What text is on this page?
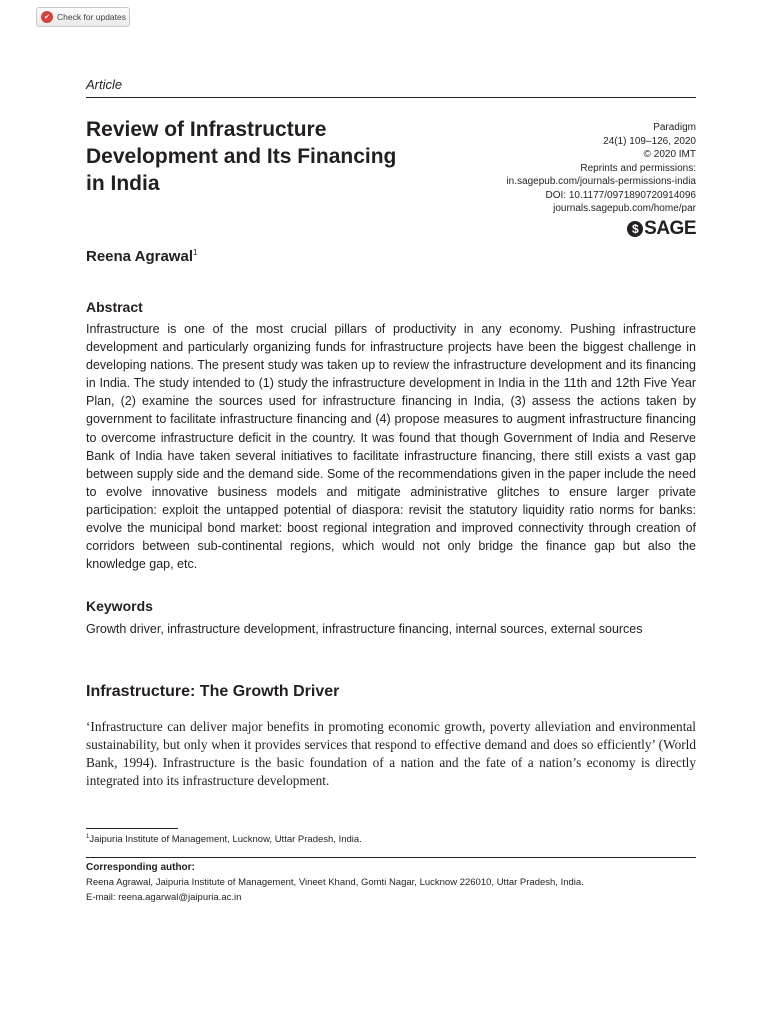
✔ Check for updates
Article
Review of Infrastructure Development and Its Financing in India
Paradigm
24(1) 109–126, 2020
© 2020 IMT
Reprints and permissions:
in.sagepub.com/journals-permissions-india
DOI: 10.1177/0971890720914096
journals.sagepub.com/home/par
$ SAGE
Reena Agrawal$^1$
Abstract
Infrastructure is one of the most crucial pillars of productivity in any economy. Pushing infrastructure development and particularly organizing funds for infrastructure projects have been the biggest challenge in developing nations. The present study was taken up to review the infrastructure development and its financing in India. The study intended to (1) study the infrastructure development in India in the 11th and 12th Five Year Plan, (2) examine the sources used for infrastructure financing in India, (3) assess the actions taken by government to facilitate infrastructure financing and (4) propose measures to augment infrastructure financing to overcome infrastructure deficit in the country. It was found that though Government of India and Reserve Bank of India have taken several initiatives to facilitate infrastructure financing, there still exists a vast gap between supply side and the demand side. Some of the recommendations given in the paper include the need to evolve innovative business models and mitigate administrative glitches to ensure larger private participation: exploit the untapped potential of diaspora: revisit the statutory liquidity ratio norms for banks: evolve the municipal bond market: boost regional integration and improved connectivity through creation of corridors between sub-continental regions, which would not only bridge the finance gap but also the knowledge gap, etc.
Keywords
Growth driver, infrastructure development, infrastructure financing, internal sources, external sources
Infrastructure: The Growth Driver
‘Infrastructure can deliver major benefits in promoting economic growth, poverty alleviation and environmental sustainability, but only when it provides services that respond to effective demand and does so efficiently’ (World Bank, 1994). Infrastructure is the basic foundation of a nation and the fate of a nation’s economy is directly integrated into its infrastructure development.
$^1$Jaipuria Institute of Management, Lucknow, Uttar Pradesh, India.
Corresponding author:
Reena Agrawal, Jaipuria Institute of Management, Vineet Khand, Gomti Nagar, Lucknow 226010, Uttar Pradesh, India.
E-mail: reena.agarwal@jaipuria.ac.in
